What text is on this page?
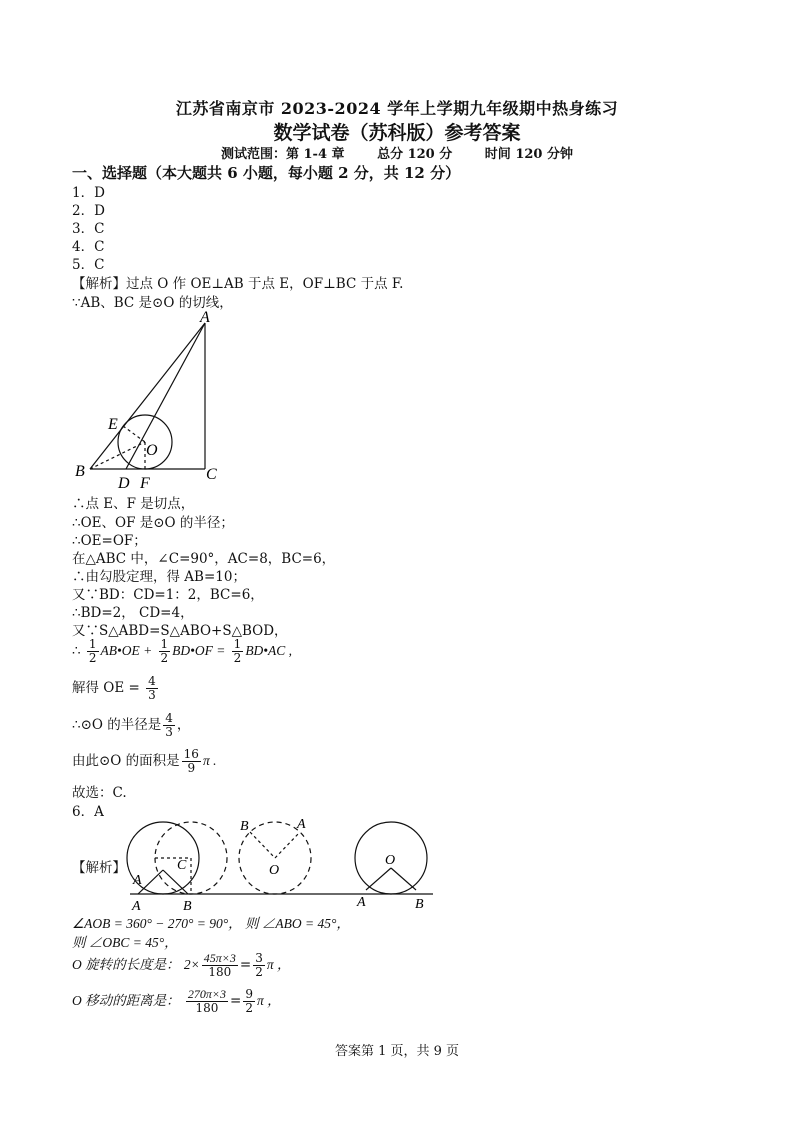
江苏省南京市 2023-2024 学年上学期九年级期中热身练习
数学试卷（苏科版）参考答案
测试范围：第 1-4 章	总分 120 分	时间 120 分钟
一、选择题（本大题共 6 小题，每小题 2 分，共 12 分）
1．D
2．D
3．C
4．C
5．C
【解析】过点 O 作 OE⊥AB 于点 E，OF⊥BC 于点 F.
∵AB、BC 是⊙O 的切线，
A
B	C
D F
E
O
∴点 E、F 是切点，
∴OE、OF 是⊙O 的半径；
∴OE=OF；
在△ABC 中，∠C=90°，AC=8，BC=6，
∴由勾股定理，得 AB=10；
又∵BD：CD=1：2，BC=6，
∴BD=2， CD=4，
又∵S△ABD=S△ABO+S△BOD，
∴ $\frac{1}{2}$ AB•OE + $\frac{1}{2}$ BD•OF = $\frac{1}{2}$ BD•AC ,
解得 OE = $\frac{4}{3}$
∴⊙O 的半径是 $\frac{4}{3}$ ，
由此⊙O 的面积是 $\frac{16}{9}$ π .
故选：C.
6．A
【解析】
A
C
A	B
B	A
O
O
A	B
∠AOB = 360° − 270° = 90°， 则 ∠ABO = 45°，
则 ∠OBC = 45°，
O 旋转的长度是： $2\times \frac{45\pi\times 3}{180} = \frac{3}{2}$ π ，
O 移动的距离是： $\frac{270\pi\times 3}{180} = \frac{9}{2}$ π ，
答案第 1 页，共 9 页
